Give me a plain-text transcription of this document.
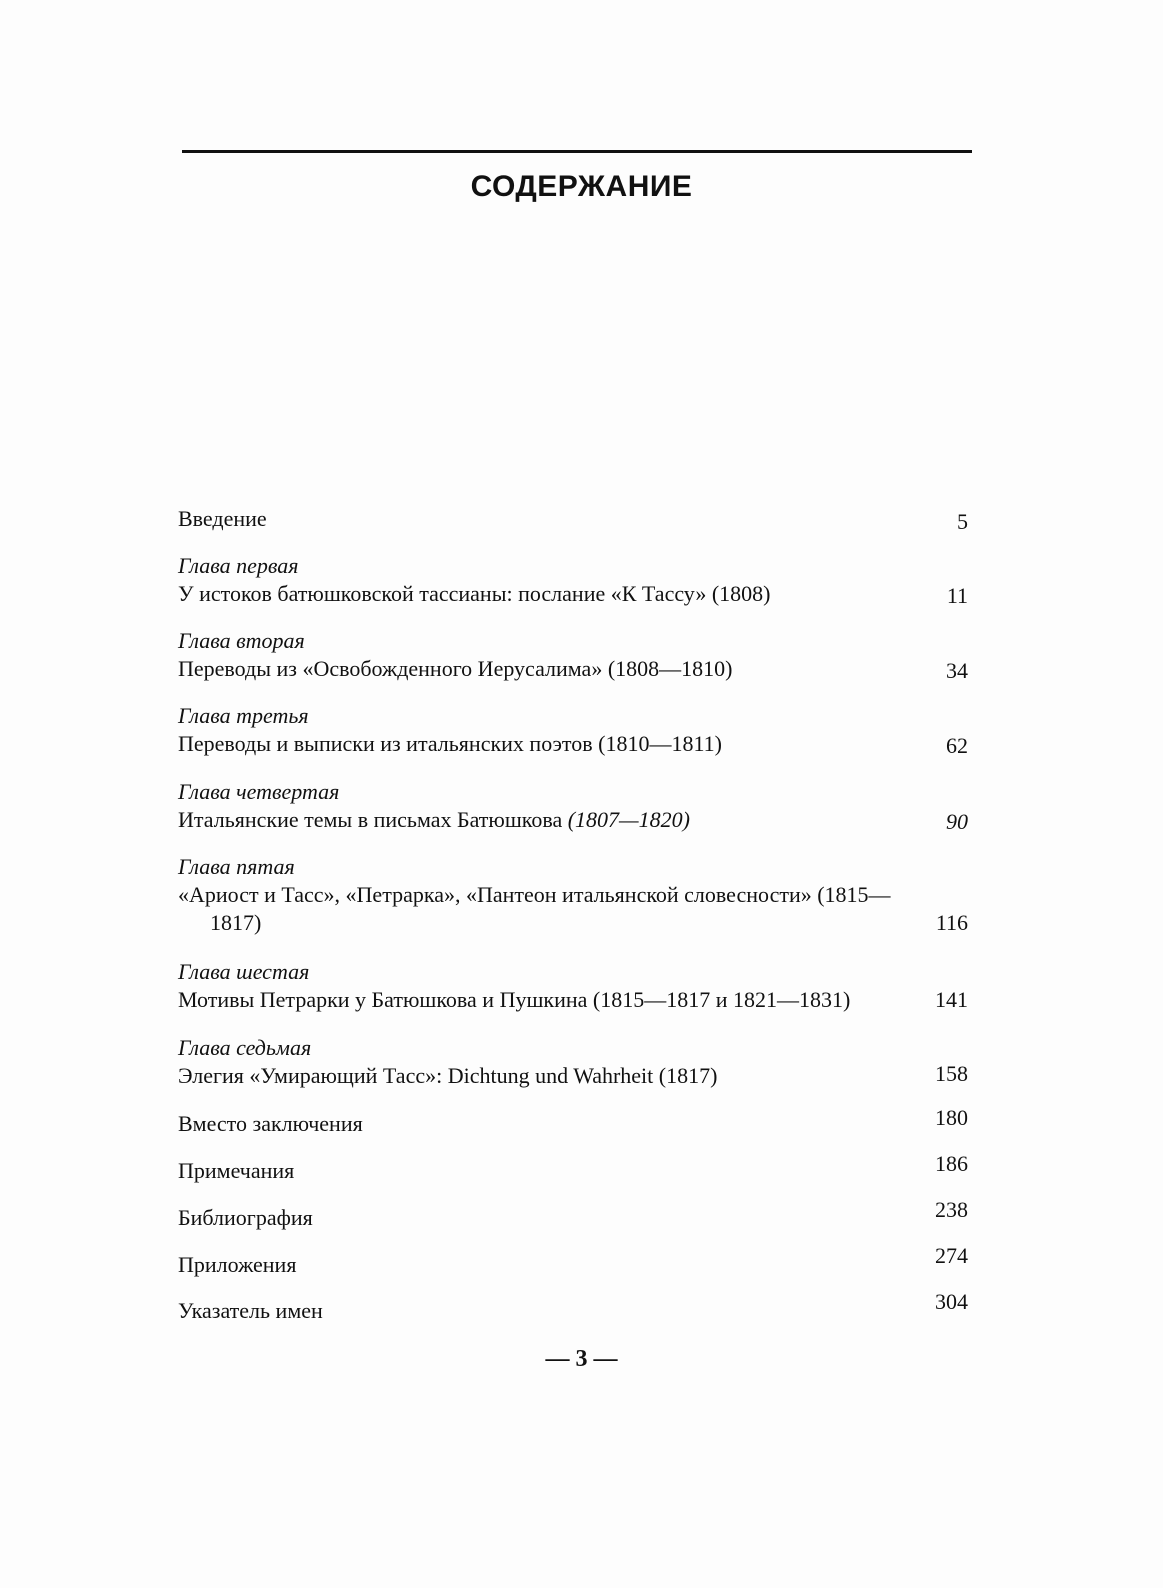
СОДЕРЖАНИЕ
Введение	5
Глава первая
У истоков батюшковской тассианы: послание «К Тассу» (1808)	11
Глава вторая
Переводы из «Освобожденного Иерусалима» (1808—1810)	34
Глава третья
Переводы и выписки из итальянских поэтов (1810—1811)	62
Глава четвертая
Итальянские темы в письмах Батюшкова (1807—1820)	90
Глава пятая
«Ариост и Тасс», «Петрарка», «Пантеон итальянской словесности» (1815—
1817)	116
Глава шестая
Мотивы Петрарки у Батюшкова и Пушкина (1815—1817 и 1821—1831)	141
Глава седьмая
Элегия «Умирающий Тасс»: Dichtung und Wahrheit (1817)	158
Вместо заключения	180
Примечания	186
Библиография	238
Приложения	274
Указатель имен	304
— 3 —
